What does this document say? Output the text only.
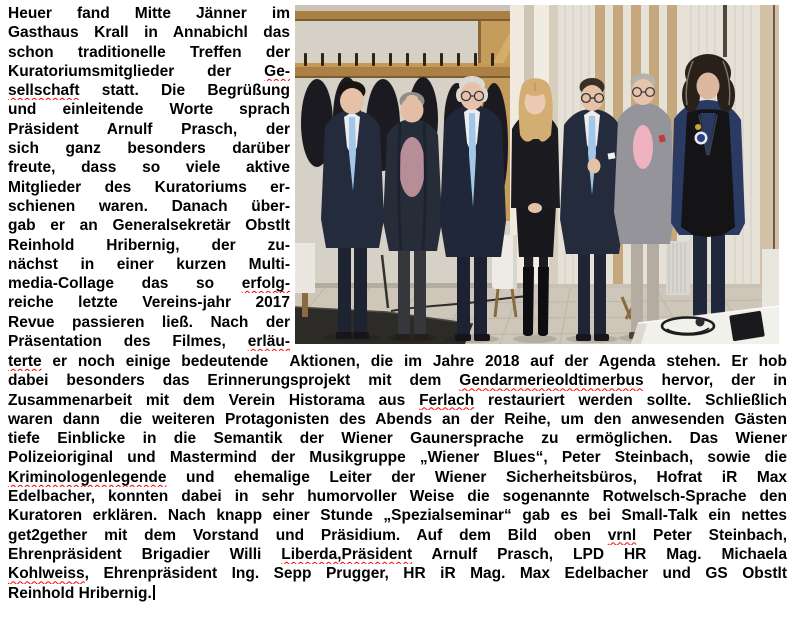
Heuer fand Mitte Jänner im
Gasthaus Krall in Annabichl das
schon traditionelle Treffen der
Kuratoriumsmitglieder der Ge-
sellschaft statt. Die Begrüßung
und einleitende Worte sprach
Präsident Arnulf Prasch, der
sich ganz besonders darüber
freute, dass so viele aktive
Mitglieder des Kuratoriums er-
schienen waren. Danach über-
gab er an Generalsekretär Obstlt
Reinhold Hribernig, der zu-
nächst in einer kurzen Multi-
media-Collage das so erfolg-
reiche letzte Vereins-jahr 2017
Revue passieren ließ. Nach der
Präsentation des Filmes, erläu-
terte er noch einige bedeutende  Aktionen, die im Jahre 2018 auf der Agenda stehen. Er hob
dabei besonders das Erinnerungsprojekt mit dem Gendarmerieoldtimerbus hervor, der in
Zusammenarbeit mit dem Verein Historama aus Ferlach restauriert werden sollte. Schließlich
waren dann  die weiteren Protagonisten des Abends an der Reihe, um den anwesenden Gästen
tiefe Einblicke in die Semantik der Wiener Gaunersprache zu ermöglichen. Das Wiener
Polizeioriginal und Mastermind der Musikgruppe „Wiener Blues“, Peter Steinbach, sowie die
Kriminologenlegende und ehemalige Leiter der Wiener Sicherheitsbüros, Hofrat iR Max
Edelbacher, konnten dabei in sehr humorvoller Weise die sogenannte Rotwelsch-Sprache den
Kuratoren erklären. Nach knapp einer Stunde „Spezialseminar“ gab es bei Small-Talk ein nettes
get2gether mit dem Vorstand und Präsidium. Auf dem Bild oben vrnl Peter Steinbach,
Ehrenpräsident Brigadier Willi Liberda,Präsident Arnulf Prasch, LPD HR Mag. Michaela
Kohlweiss, Ehrenpräsident Ing. Sepp Prugger, HR iR Mag. Max Edelbacher und GS Obstlt
Reinhold Hribernig.
